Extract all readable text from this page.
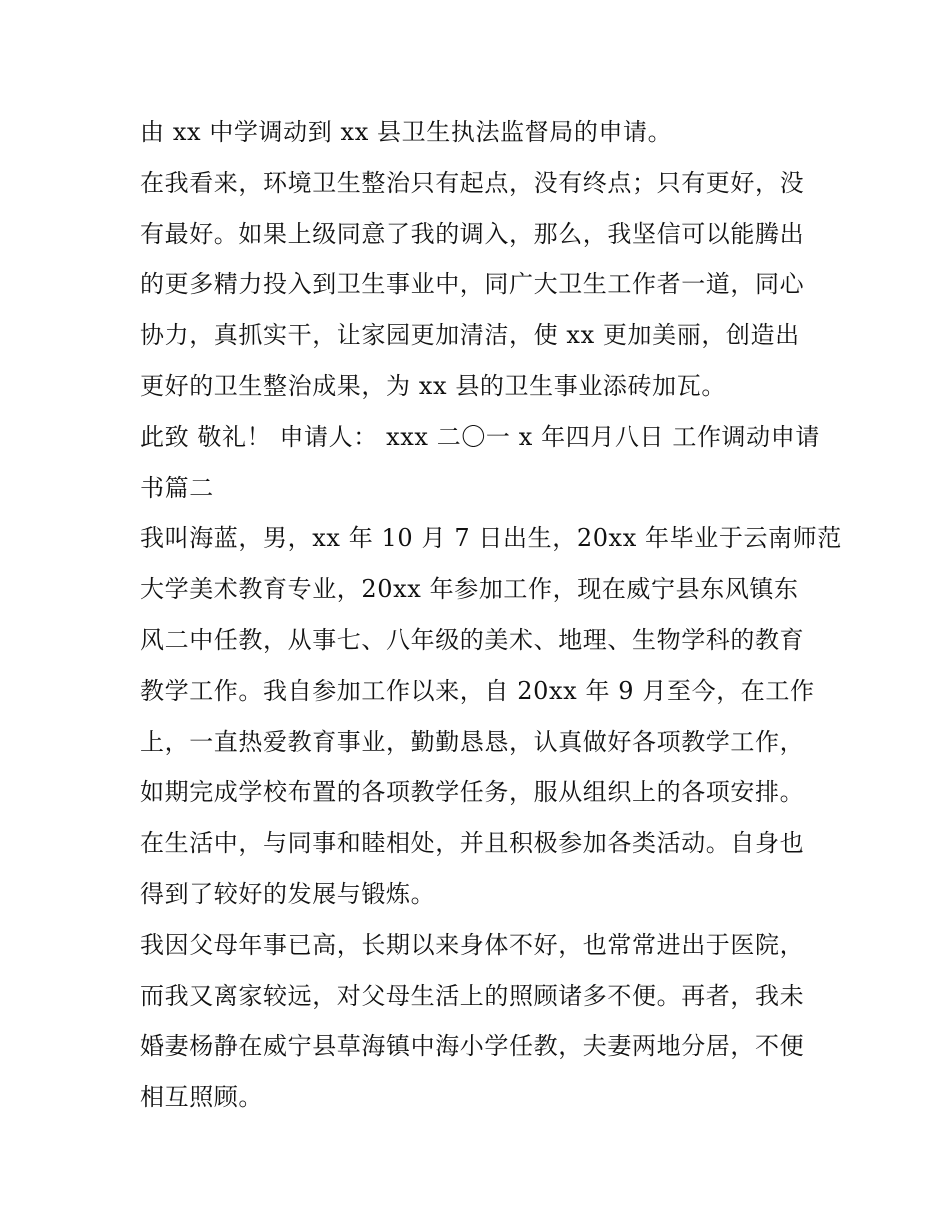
由 xx 中学调动到 xx 县卫生执法监督局的申请。
在我看来，环境卫生整治只有起点，没有终点；只有更好，没
有最好。如果上级同意了我的调入，那么，我坚信可以能腾出
的更多精力投入到卫生事业中，同广大卫生工作者一道，同心
协力，真抓实干，让家园更加清洁，使 xx 更加美丽，创造出
更好的卫生整治成果，为 xx 县的卫生事业添砖加瓦。
此致 敬礼！ 申请人： xxx 二〇一 x 年四月八日 工作调动申请
书篇二
我叫海蓝，男，xx 年 10 月 7 日出生，20xx 年毕业于云南师范
大学美术教育专业，20xx 年参加工作，现在威宁县东风镇东
风二中任教，从事七、八年级的美术、地理、生物学科的教育
教学工作。我自参加工作以来，自 20xx 年 9 月至今，在工作
上，一直热爱教育事业，勤勤恳恳，认真做好各项教学工作，
如期完成学校布置的各项教学任务，服从组织上的各项安排。
在生活中，与同事和睦相处，并且积极参加各类活动。自身也
得到了较好的发展与锻炼。
我因父母年事已高，长期以来身体不好，也常常进出于医院，
而我又离家较远，对父母生活上的照顾诸多不便。再者，我未
婚妻杨静在威宁县草海镇中海小学任教，夫妻两地分居，不便
相互照顾。
